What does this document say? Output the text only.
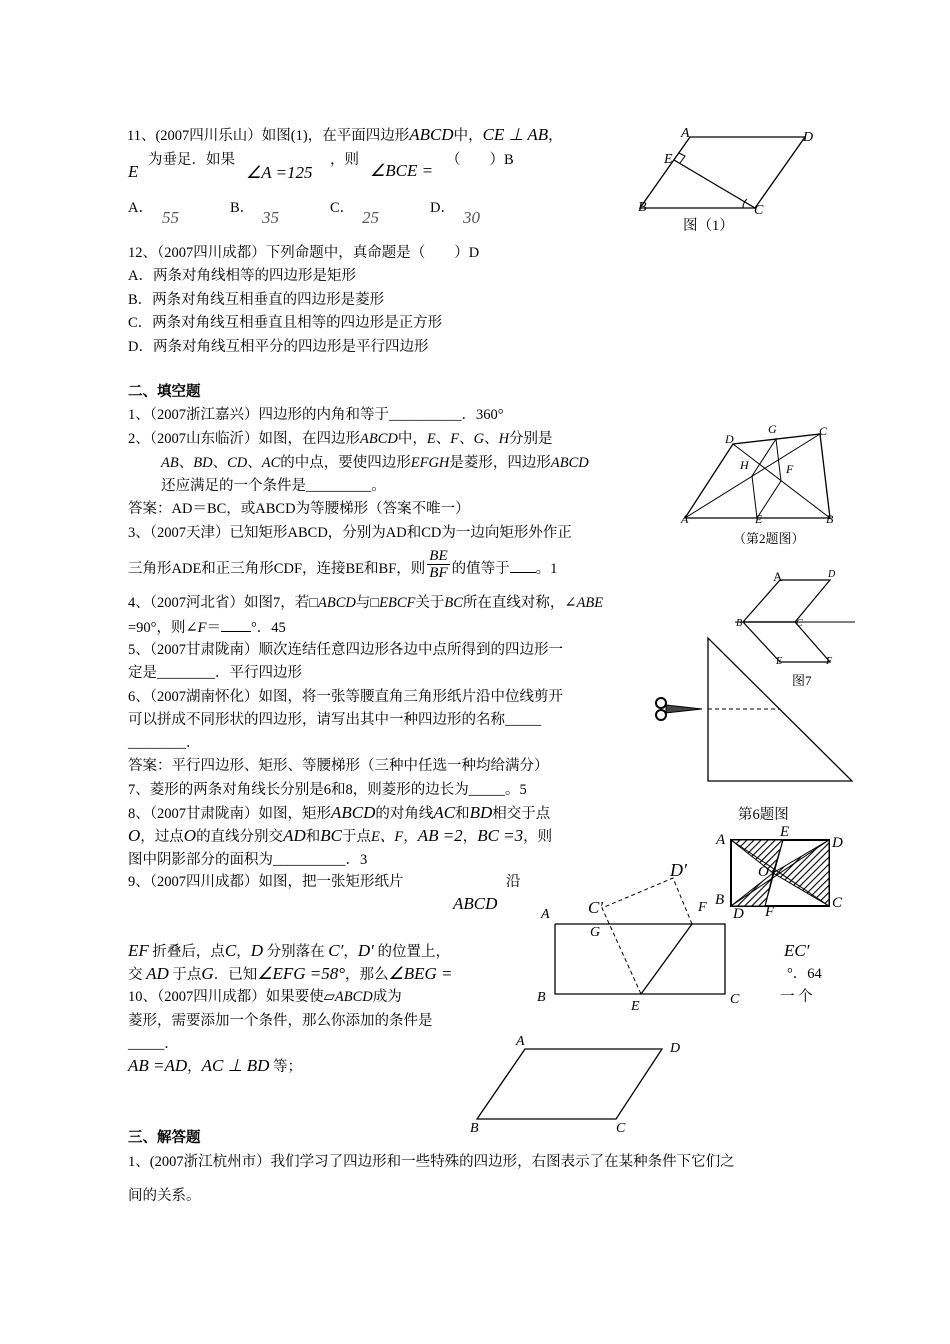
11、(2007四川乐山）如图(1)，在平面四边形ABCD中，CE ⊥ AB，
E
为垂足．如果
∠A =125
，则
∠BCE =
（　　）B
A． 55	B． 35	C． 25	D． 30
A	D
E
B	C
图（1）
12、（2007四川成都）下列命题中，真命题是（　　）D
A．两条对角线相等的四边形是矩形
B．两条对角线互相垂直的四边形是菱形
C．两条对角线互相垂直且相等的四边形是正方形
D．两条对角线互相平分的四边形是平行四边形
二、填空题
1、（2007浙江嘉兴）四边形的内角和等于__________．360°
2、（2007山东临沂）如图，在四边形ABCD中，E、F、G、H分别是
AB、BD、CD、AC的中点，要使四边形EFGH是菱形，四边形ABCD
还应满足的一个条件是_________。
答案：AD＝BC，或ABCD为等腰梯形（答案不唯一）
D
G	C
H	F
A	E	B
（第2题图）
3、（2007天津）已知矩形ABCD，分别为AD和CD为一边向矩形外作正
三角形ADE和正三角形CDF，连接BE和BF，则 $\frac{BE}{BF}$ 的值等于 。1
4、（2007河北省）如图7，若□ABCD与□EBCF关于BC所在直线对称，∠ABE
=90°，则∠F＝ °．45
A	D
B	C
E	F
图7
5、（2007甘肃陇南）顺次连结任意四边形各边中点所得到的四边形一
定是________．平行四边形
6、（2007湖南怀化）如图，将一张等腰直角三角形纸片沿中位线剪开
可以拼成不同形状的四边形，请写出其中一种四边形的名称_____
________．
答案：平行四边形、矩形、等腰梯形（三种中任选一种均给满分）
第6题图
7、菱形的两条对角线长分别是6和8，则菱形的边长为_____。5
8、（2007甘肃陇南）如图，矩形ABCD的对角线AC和BD相交于点
O，过点O的直线分别交AD和BC于点E、F，AB =2，BC =3，则
图中阴影部分的面积为__________．3
A	E
D
O
B
D F
C
9、（2007四川成都）如图，把一张矩形纸片	沿
ABCD
EF 折叠后，点C，D 分别落在 C′，D′ 的位置上，
交 AD 于点G．已知∠EFG =58°，那么∠BEG =
EC′
°．64
A C′
D′
F
G
B
E	C
10、（2007四川成都）如果要使▱ABCD成为	一 个
菱形，需要添加一个条件，那么你添加的条件是
_____．
AB =AD，AC ⊥ BD 等；
A	D
B	C
三、解答题
1、(2007浙江杭州市）我们学习了四边形和一些特殊的四边形，右图表示了在某种条件下它们之
间的关系。
